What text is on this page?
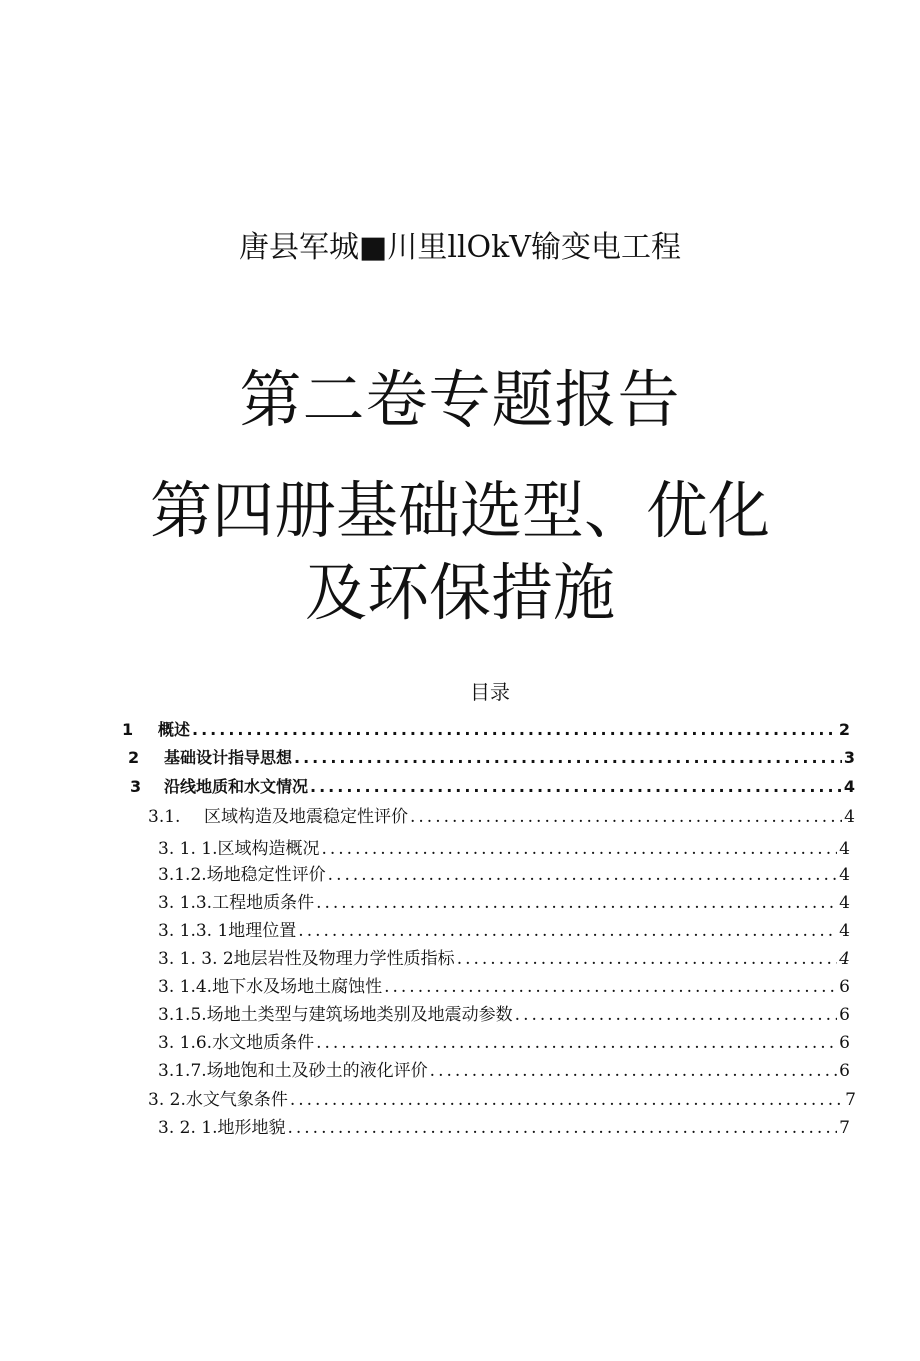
唐县军城■川里llOkV输变电工程
第二卷专题报告
第四册基础选型、优化
及环保措施
目录
1	概述 .....	2
2	基础设计指导思想 .....	3
3	沿线地质和水文情况 .....	4
3.1.	区域构造及地震稳定性评价 .....	4
3. 1. 1.区域构造概况 .....	4
3.1.2.场地稳定性评价 .....	4
3. 1.3.工程地质条件 .....	4
3. 1.3. 1地理位置 .....	4
3. 1. 3. 2地层岩性及物理力学性质指标 .....	4
3. 1.4.地下水及场地土腐蚀性 .....	6
3.1.5.场地土类型与建筑场地类别及地震动参数 .....	6
3. 1.6.水文地质条件 .....	6
3.1.7.场地饱和土及砂土的液化评价 .....	6
3. 2.水文气象条件 .....	7
3. 2. 1.地形地貌 .....	7
